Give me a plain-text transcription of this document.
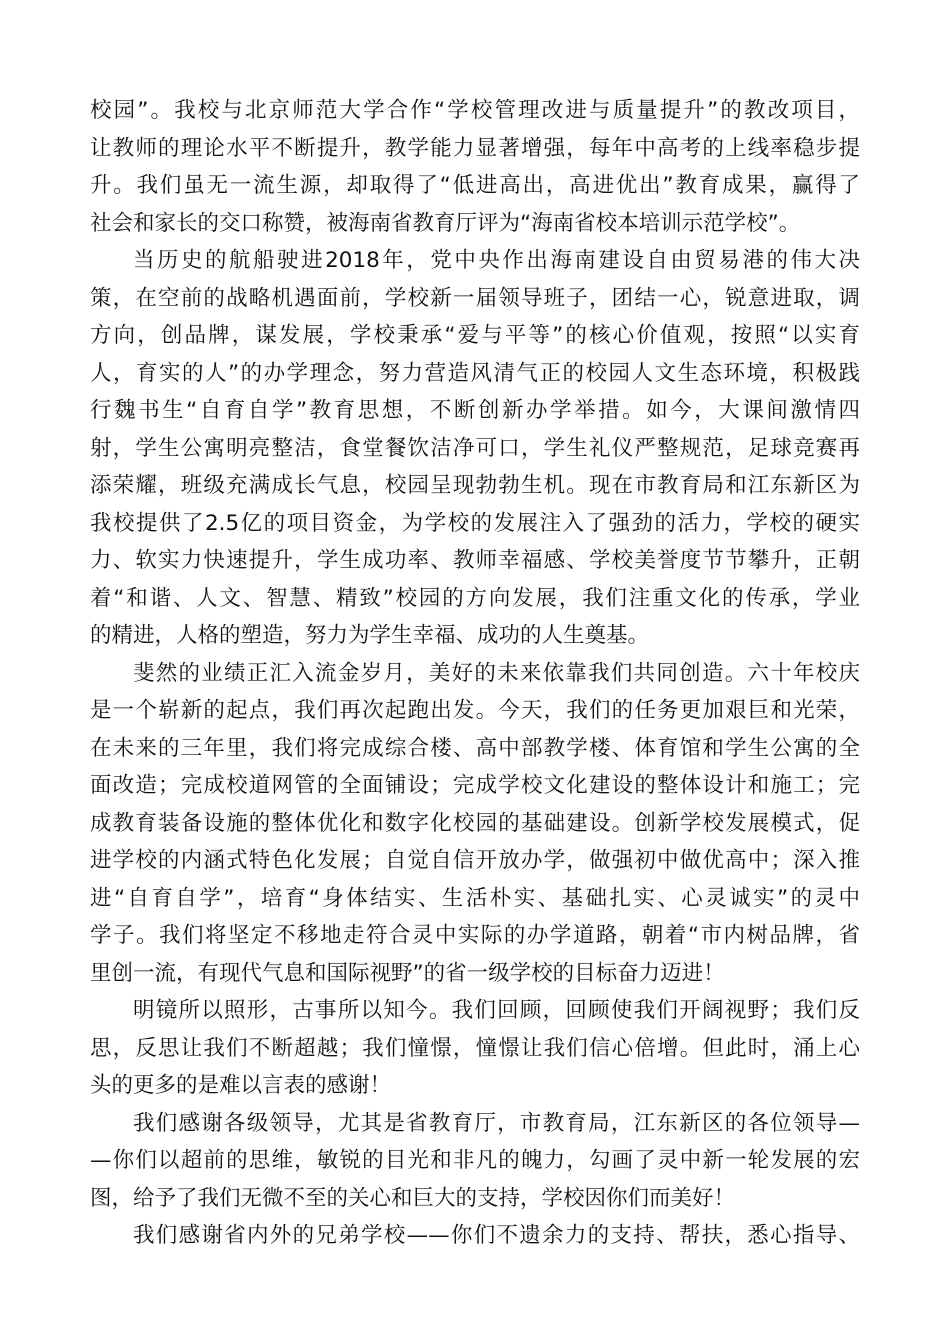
校园”。我校与北京师范大学合作“学校管理改进与质量提升”的教改项目，
让教师的理论水平不断提升，教学能力显著增强，每年中高考的上线率稳步提
升。我们虽无一流生源，却取得了“低进高出，高进优出”教育成果，赢得了
社会和家长的交口称赞，被海南省教育厅评为“海南省校本培训示范学校”。
当历史的航船驶进2018年，党中央作出海南建设自由贸易港的伟大决
策，在空前的战略机遇面前，学校新一届领导班子，团结一心，锐意进取，调
方向，创品牌，谋发展，学校秉承“爱与平等”的核心价值观，按照“以实育
人，育实的人”的办学理念，努力营造风清气正的校园人文生态环境，积极践
行魏书生“自育自学”教育思想，不断创新办学举措。如今，大课间激情四
射，学生公寓明亮整洁，食堂餐饮洁净可口，学生礼仪严整规范，足球竞赛再
添荣耀，班级充满成长气息，校园呈现勃勃生机。现在市教育局和江东新区为
我校提供了2.5亿的项目资金，为学校的发展注入了强劲的活力，学校的硬实
力、软实力快速提升，学生成功率、教师幸福感、学校美誉度节节攀升，正朝
着“和谐、人文、智慧、精致”校园的方向发展，我们注重文化的传承，学业
的精进，人格的塑造，努力为学生幸福、成功的人生奠基。
斐然的业绩正汇入流金岁月，美好的未来依靠我们共同创造。六十年校庆
是一个崭新的起点，我们再次起跑出发。今天，我们的任务更加艰巨和光荣，
在未来的三年里，我们将完成综合楼、高中部教学楼、体育馆和学生公寓的全
面改造；完成校道网管的全面铺设；完成学校文化建设的整体设计和施工；完
成教育装备设施的整体优化和数字化校园的基础建设。创新学校发展模式，促
进学校的内涵式特色化发展；自觉自信开放办学，做强初中做优高中；深入推
进“自育自学”，培育“身体结实、生活朴实、基础扎实、心灵诚实”的灵中
学子。我们将坚定不移地走符合灵中实际的办学道路，朝着“市内树品牌，省
里创一流，有现代气息和国际视野”的省一级学校的目标奋力迈进！
明镜所以照形，古事所以知今。我们回顾，回顾使我们开阔视野；我们反
思，反思让我们不断超越；我们憧憬，憧憬让我们信心倍增。但此时，涌上心
头的更多的是难以言表的感谢！
我们感谢各级领导，尤其是省教育厅，市教育局，江东新区的各位领导—
—你们以超前的思维，敏锐的目光和非凡的魄力，勾画了灵中新一轮发展的宏
图，给予了我们无微不至的关心和巨大的支持，学校因你们而美好！
我们感谢省内外的兄弟学校——你们不遗余力的支持、帮扶，悉心指导、
